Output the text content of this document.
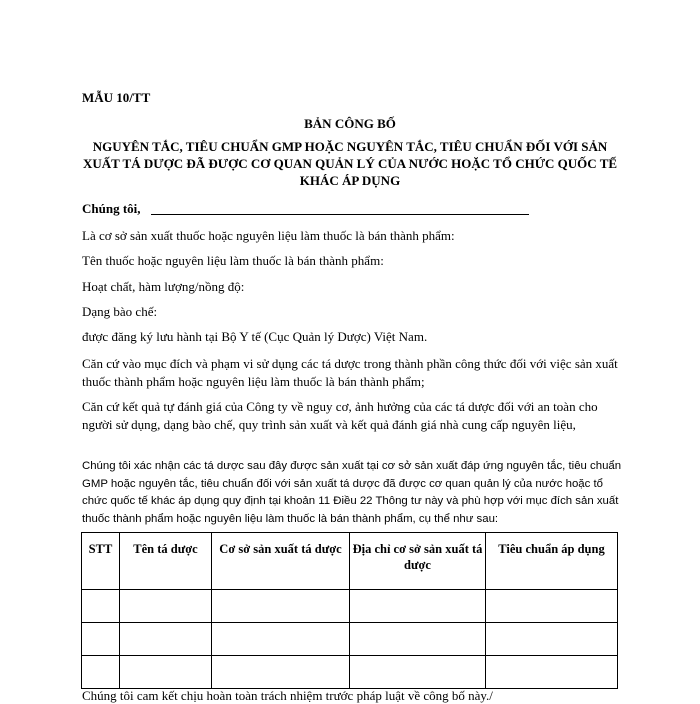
MẪU 10/TT

BẢN CÔNG BỐ

NGUYÊN TẮC, TIÊU CHUẨN GMP HOẶC NGUYÊN TẮC, TIÊU CHUẨN ĐỐI VỚI SẢN XUẤT TÁ DƯỢC ĐÃ ĐƯỢC CƠ QUAN QUẢN LÝ CỦA NƯỚC HOẶC TỔ CHỨC QUỐC TẾ KHÁC ÁP DỤNG

Chúng tôi,

Là cơ sở sản xuất thuốc hoặc nguyên liệu làm thuốc là bán thành phẩm:

Tên thuốc hoặc nguyên liệu làm thuốc là bán thành phẩm:

Hoạt chất, hàm lượng/nồng độ:

Dạng bào chế:

được đăng ký lưu hành tại Bộ Y tế (Cục Quản lý Dược) Việt Nam.

Căn cứ vào mục đích và phạm vi sử dụng các tá dược trong thành phần công thức đối với việc sản xuất thuốc thành phẩm hoặc nguyên liệu làm thuốc là bán thành phẩm;

Căn cứ kết quả tự đánh giá của Công ty về nguy cơ, ảnh hưởng của các tá dược đối với an toàn cho người sử dụng, dạng bào chế, quy trình sản xuất và kết quả đánh giá nhà cung cấp nguyên liệu,

Chúng tôi xác nhận các tá dược sau đây được sản xuất tại cơ sở sản xuất đáp ứng nguyên tắc, tiêu chuẩn GMP hoặc nguyên tắc, tiêu chuẩn đối với sản xuất tá dược đã được cơ quan quản lý của nước hoặc tổ chức quốc tế khác áp dụng quy định tại khoản 11 Điều 22 Thông tư này và phù hợp với mục đích sản xuất thuốc thành phẩm hoặc nguyên liệu làm thuốc là bán thành phẩm, cụ thể như sau:

STT	Tên tá dược	Cơ sở sản xuất tá dược	Địa chỉ cơ sở sản xuất tá dược	Tiêu chuẩn áp dụng

Chúng tôi cam kết chịu hoàn toàn trách nhiệm trước pháp luật về công bố này./
